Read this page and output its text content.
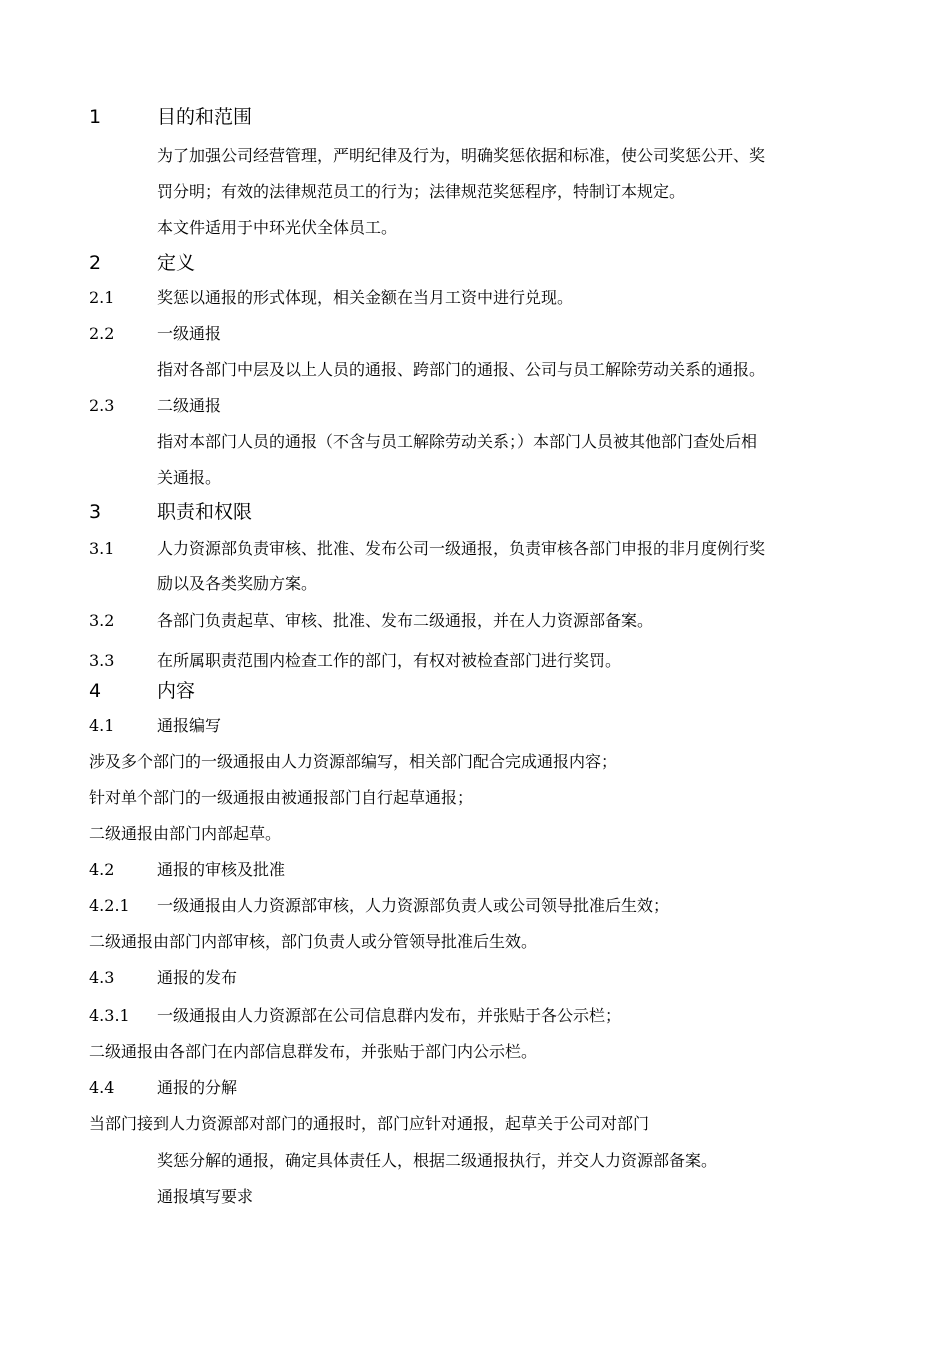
1	目的和范围
为了加强公司经营管理，严明纪律及行为，明确奖惩依据和标准，使公司奖惩公开、奖
罚分明；有效的法律规范员工的行为；法律规范奖惩程序，特制订本规定。
本文件适用于中环光伏全体员工。
2	定义
2.1	奖惩以通报的形式体现，相关金额在当月工资中进行兑现。
2.2	一级通报
指对各部门中层及以上人员的通报、跨部门的通报、公司与员工解除劳动关系的通报。
2.3	二级通报
指对本部门人员的通报（不含与员工解除劳动关系；）本部门人员被其他部门查处后相
关通报。
3	职责和权限
3.1	人力资源部负责审核、批准、发布公司一级通报，负责审核各部门申报的非月度例行奖
励以及各类奖励方案。
3.2	各部门负责起草、审核、批准、发布二级通报，并在人力资源部备案。
3.3	在所属职责范围内检查工作的部门，有权对被检查部门进行奖罚。
4	内容
4.1	通报编写
涉及多个部门的一级通报由人力资源部编写，相关部门配合完成通报内容；
针对单个部门的一级通报由被通报部门自行起草通报；
二级通报由部门内部起草。
4.2	通报的审核及批准
4.2.1 一级通报由人力资源部审核，人力资源部负责人或公司领导批准后生效；
二级通报由部门内部审核，部门负责人或分管领导批准后生效。
4.3	通报的发布
4.3.1 一级通报由人力资源部在公司信息群内发布，并张贴于各公示栏；
二级通报由各部门在内部信息群发布，并张贴于部门内公示栏。
4.4	通报的分解
当部门接到人力资源部对部门的通报时，部门应针对通报，起草关于公司对部门
奖惩分解的通报，确定具体责任人，根据二级通报执行，并交人力资源部备案。
通报填写要求
